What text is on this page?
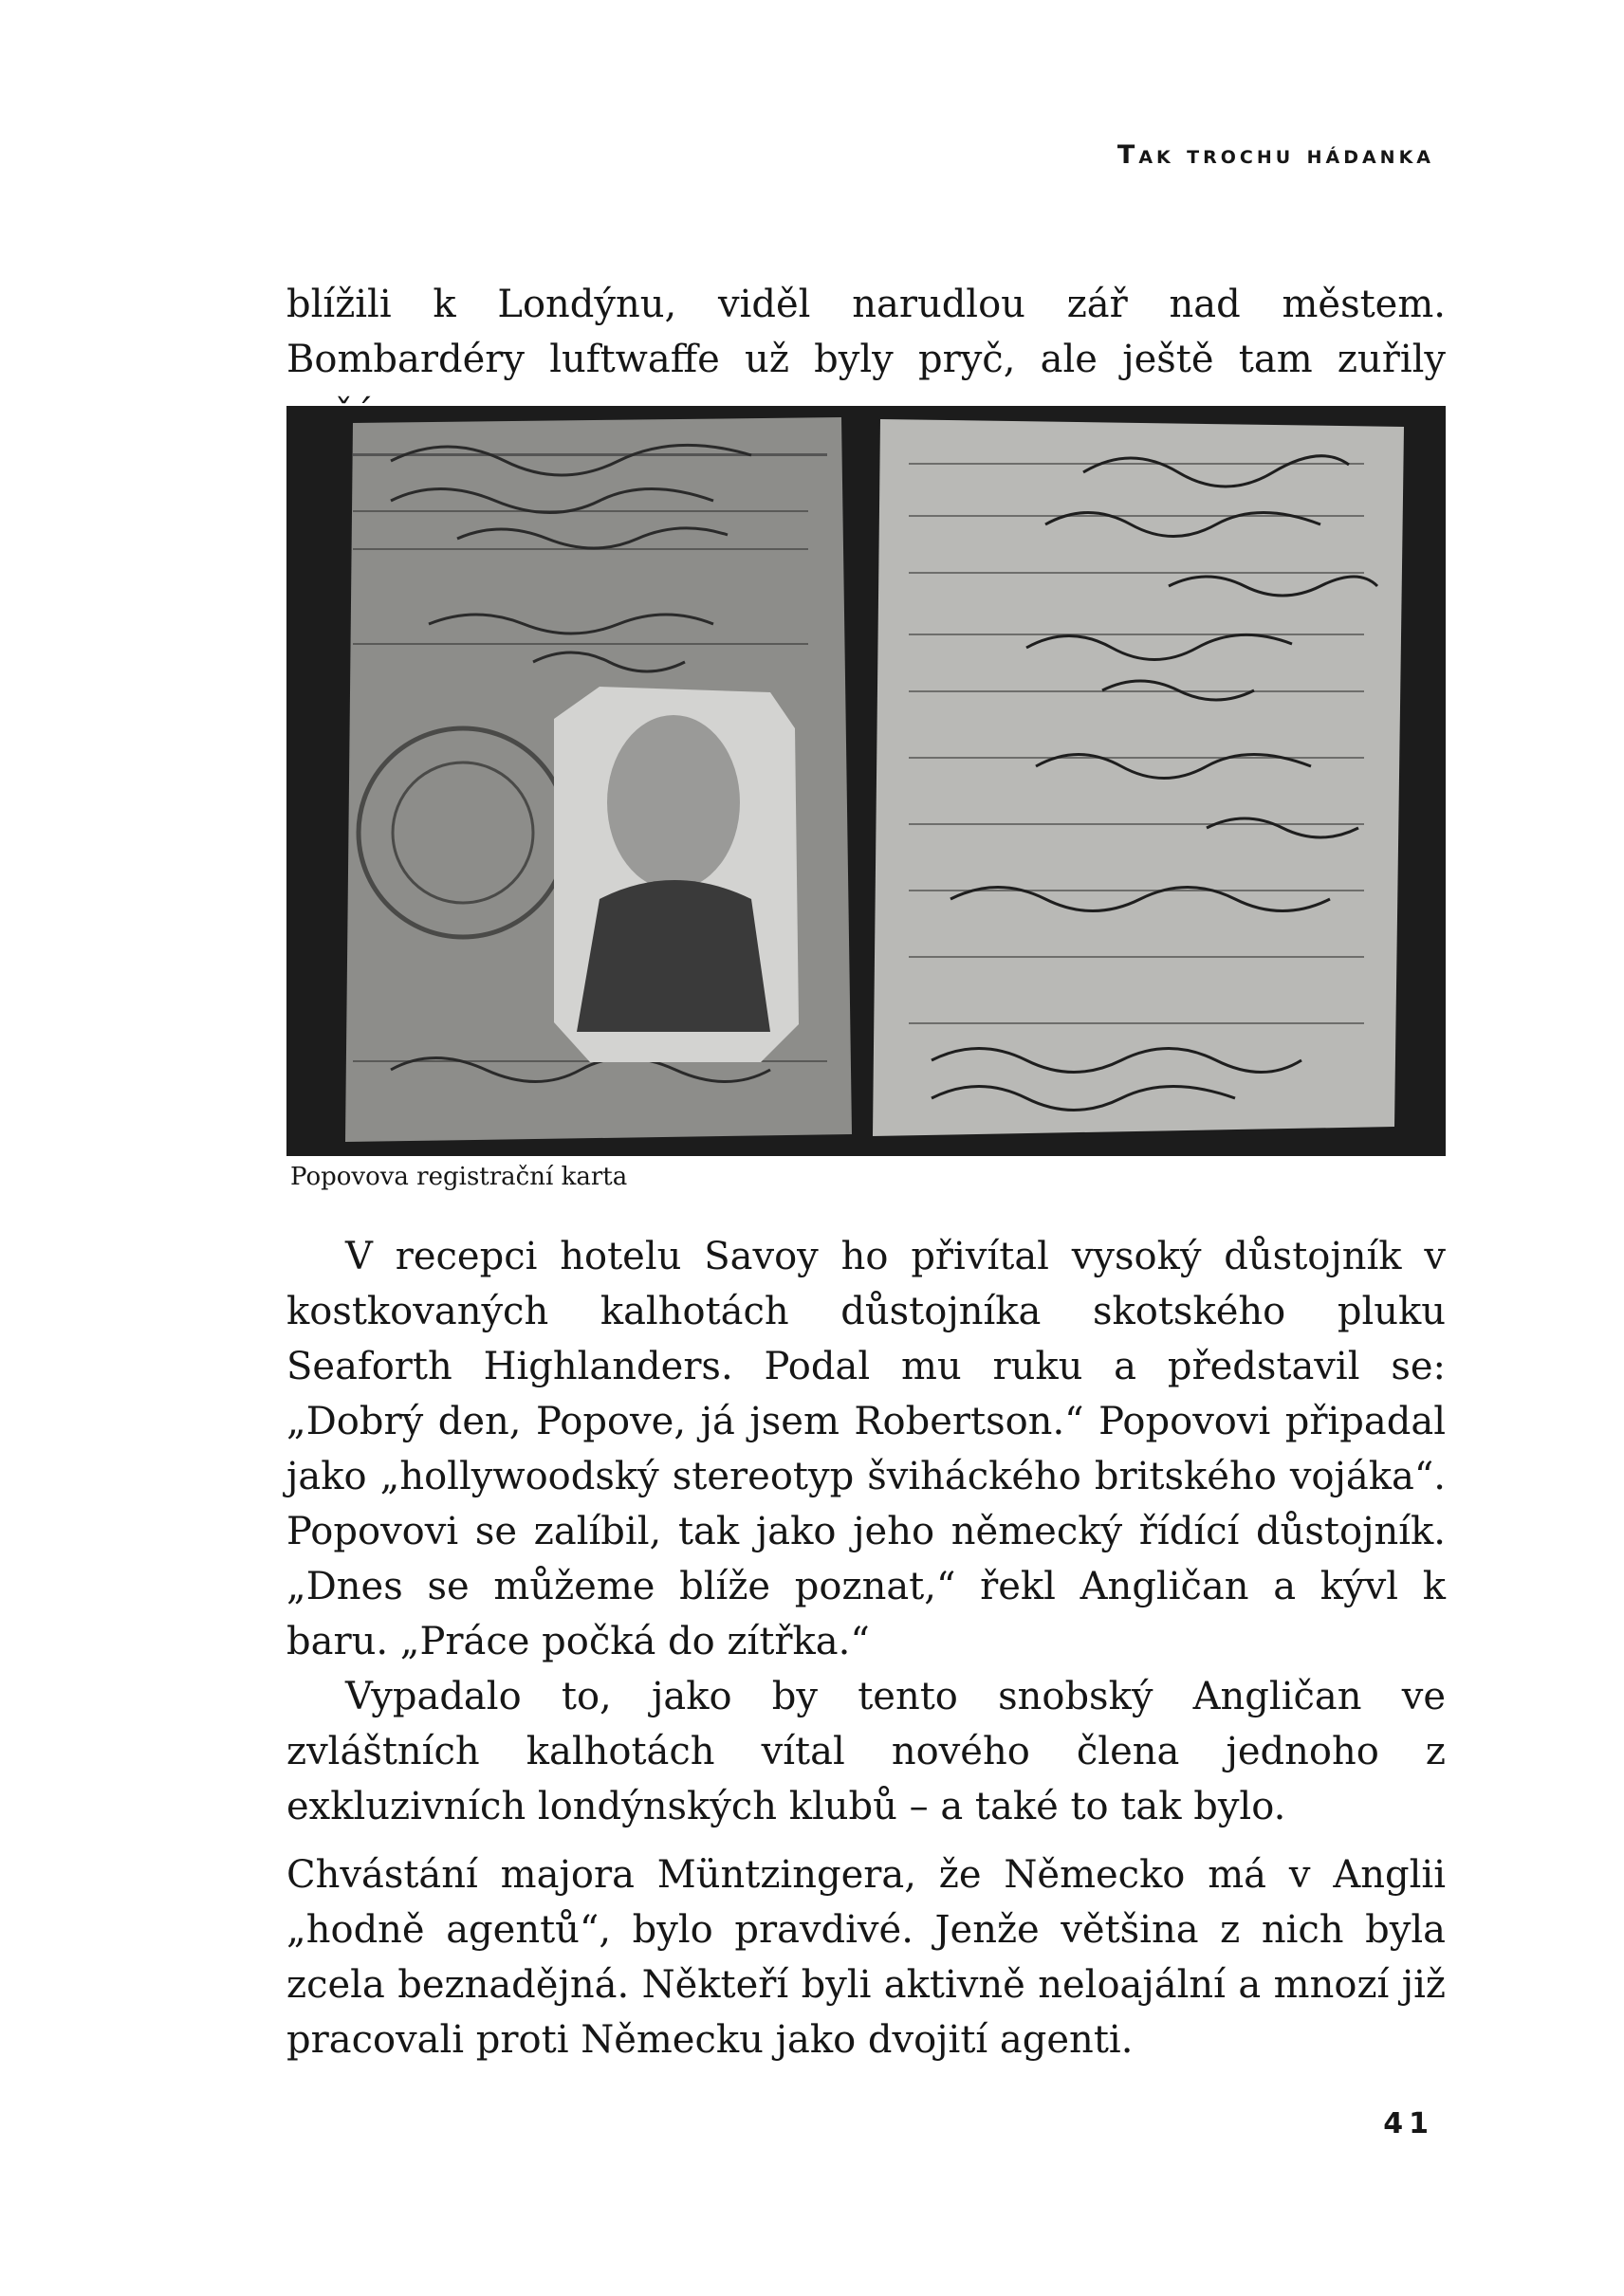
Tak trochu hádanka

blížili k Londýnu, viděl narudlou zář nad městem. Bombardéry luftwaffe už byly pryč, ale ještě tam zuřily

Popovova registrační karta

V recepci hotelu Savoy ho přivítal vysoký důstojník v kostkovaných kalhotách důstojníka skotského pluku Seaforth Highlanders. Podal mu ruku a představil se: „Dobrý den, Popove, já jsem Robertson.“ Popovovi připadal jako „hollywoodský stereotyp šviháckého britského vojáka“. Popovovi se zalíbil, tak jako jeho německý řídící důstojník. „Dnes se můžeme blíže poznat,“ řekl Angličan a kývl k baru. „Práce počká do zítřka.“

Vypadalo to, jako by tento snobský Angličan ve zvláštních kalhotách vítal nového člena jednoho z exkluzivních londýnských klubů – a také to tak bylo.

Chvástání majora Müntzingera, že Německo má v Anglii „hodně agentů“, bylo pravdivé. Jenže většina z nich byla zcela beznadějná. Někteří byli aktivně neloajální a mnozí již pracovali proti Německu jako dvojití agenti.

41
